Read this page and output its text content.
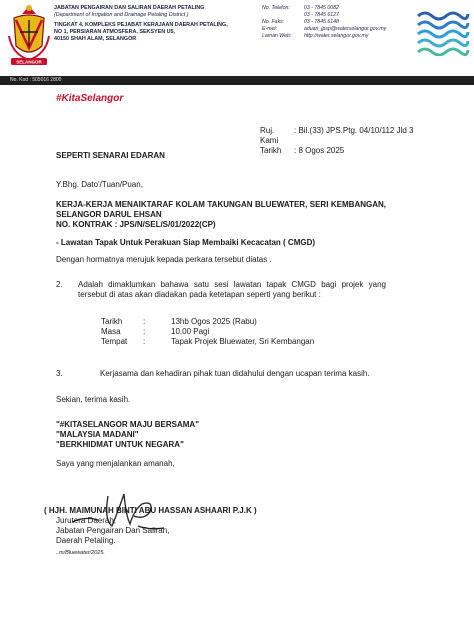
SELANGOR
JABATAN PENGAIRAN DAN SALIRAN DAERAH PETALING
(Department of Irrigation and Drainage Petaling District )
TINGKAT 4, KOMPLEKS PEJABAT KERAJAAN DAERAH PETALING,
NO 1, PERSIARAN ATMOSFERA, SEKSYEN U5,
40150 SHAH ALAM, SELANGOR
No. Telefon:	03 - 7845 0082
03 - 7845 6127
No. Faks:	03 - 7845 6148
E-mel:	aduan_jpsp@waterselangor.gov.my
Laman Web:	http://water.selangor.gov.my
No. Kod : 505016 2800
#KitaSelangor
Ruj. Kami
: Bil.(33) JPS.Ptg. 04/10/112 Jld 3
Tarikh	: 8 Ogos 2025
SEPERTI SENARAI EDARAN
Y.Bhg. Dato'/Tuan/Puan,
KERJA-KERJA MENAIKTARAF KOLAM TAKUNGAN BLUEWATER, SERI KEMBANGAN, SELANGOR DARUL EHSAN
NO. KONTRAK : JPS/N/SEL/S/01/2022(CP)
- Lawatan Tapak Untuk Perakuan Siap Membaiki Kecacatan ( CMGD)
Dengan hormatnya merujuk kepada perkara tersebut diatas .
2. Adalah dimaklumkan bahawa satu sesi lawatan tapak CMGD bagi projek yang tersebut di atas akan diadakan pada ketetapan seperti yang berikut :
Tarikh	:	13hb Ogos 2025 (Rabu)
Masa	:	10.00 Pagi
Tempat	:	Tapak Projek Bluewater, Sri Kembangan
3.	Kerjasama dan kehadiran pihak tuan didahului dengan ucapan terima kasih.
Sekian, terima kasih.
"#KITASELANGOR MAJU BERSAMA"
"MALAYSIA MADANI"
"BERKHIDMAT UNTUK NEGARA"
Saya yang menjalankan amanah,
( HJH. MAIMUNAH BINTI ABU HASSAN ASHAARI P.J.K )
Jurutera Daerah,
Jabatan Pengairan Dan Saliran,
Daerah Petaling.
..m/Bluewater/2025.
